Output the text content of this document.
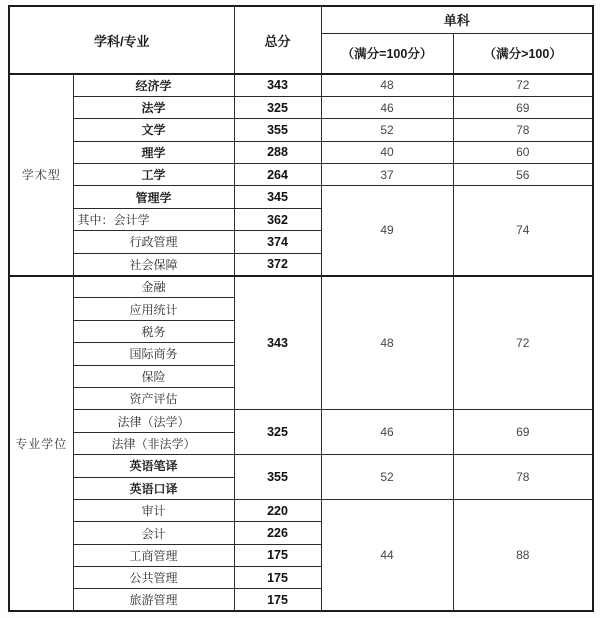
学科/专业		总分	单科	
			（满分=100分）	（满分>100）
学术型	经济学	343	48	72
	法学	325	46	69
	文学	355	52	78
	理学	288	40	60
	工学	264	37	56
	管理学	345	49	74
	其中：会计学	362		
	行政管理	374		
	社会保障	372		
专业学位	金融	343	48	72
	应用统计			
	税务			
	国际商务			
	保险			
	资产评估			
	法律（法学）	325	46	69
	法律（非法学）			
	英语笔译	355	52	78
	英语口译			
	审计	220	44	88
	会计	226		
	工商管理	175		
	公共管理	175		
	旅游管理	175		
